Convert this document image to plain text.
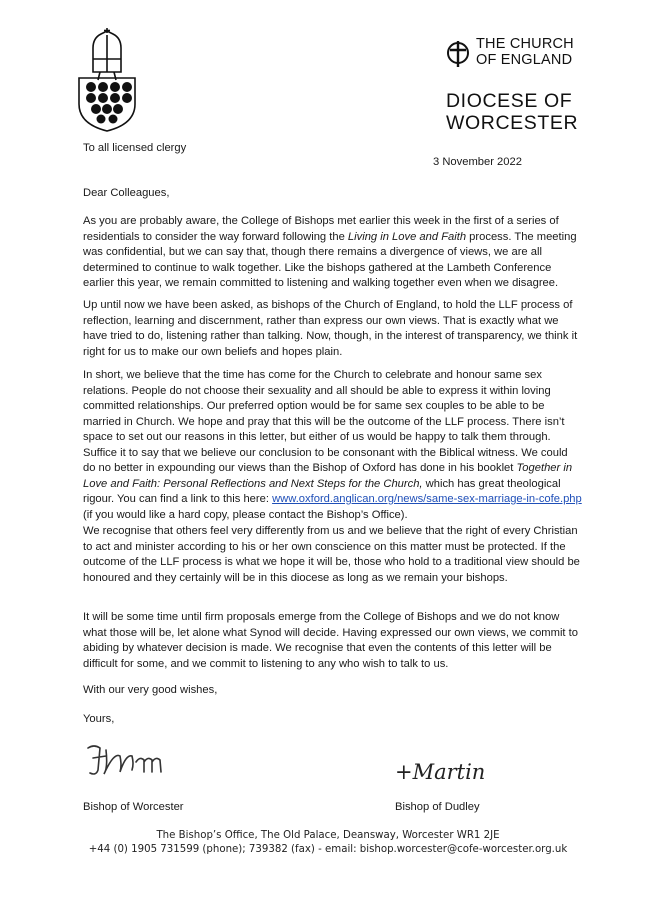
THE CHURCH
OF ENGLAND
DIOCESE OF
WORCESTER

To all licensed clergy

3 November 2022

Dear Colleagues,

As you are probably aware, the College of Bishops met earlier this week in the first of a series of residentials to consider the way forward following the Living in Love and Faith process. The meeting was confidential, but we can say that, though there remains a divergence of views, we are all determined to continue to walk together. Like the bishops gathered at the Lambeth Conference earlier this year, we remain committed to listening and walking together even when we disagree.

Up until now we have been asked, as bishops of the Church of England, to hold the LLF process of reflection, learning and discernment, rather than express our own views. That is exactly what we have tried to do, listening rather than talking. Now, though, in the interest of transparency, we think it right for us to make our own beliefs and hopes plain.

In short, we believe that the time has come for the Church to celebrate and honour same sex relations. People do not choose their sexuality and all should be able to express it within loving committed relationships. Our preferred option would be for same sex couples to be able to be married in Church. We hope and pray that this will be the outcome of the LLF process. There isn’t space to set out our reasons in this letter, but either of us would be happy to talk them through. Suffice it to say that we believe our conclusion to be consonant with the Biblical witness. We could do no better in expounding our views than the Bishop of Oxford has done in his booklet Together in Love and Faith: Personal Reflections and Next Steps for the Church, which has great theological rigour. You can find a link to this here: www.oxford.anglican.org/news/same-sex-marriage-in-cofe.php (if you would like a hard copy, please contact the Bishop’s Office).

We recognise that others feel very differently from us and we believe that the right of every Christian to act and minister according to his or her own conscience on this matter must be protected. If the outcome of the LLF process is what we hope it will be, those who hold to a traditional view should be honoured and they certainly will be in this diocese as long as we remain your bishops.

It will be some time until firm proposals emerge from the College of Bishops and we do not know what those will be, let alone what Synod will decide. Having expressed our own views, we commit to abiding by whatever decision is made. We recognise that even the contents of this letter will be difficult for some, and we commit to listening to any who wish to talk to us.

With our very good wishes,

Yours,

+Martin
Bishop of Worcester	Bishop of Dudley
The Bishop’s Office, The Old Palace, Deansway, Worcester WR1 2JE
+44 (0) 1905 731599 (phone); 739382 (fax) - email: bishop.worcester@cofe-worcester.org.uk
